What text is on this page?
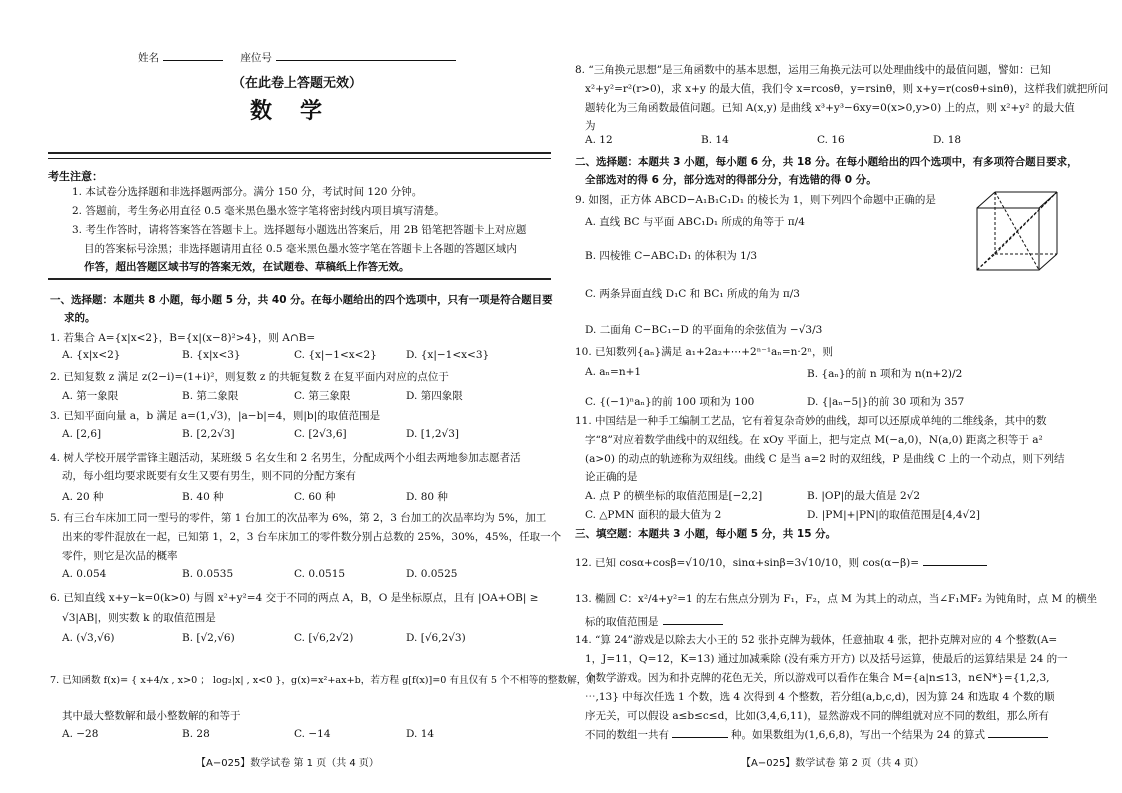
姓名	座位号
（在此卷上答题无效）
数学
考生注意：
1. 本试卷分选择题和非选择题两部分。满分 150 分，考试时间 120 分钟。
2. 答题前，考生务必用直径 0.5 毫米黑色墨水签字笔将密封线内项目填写清楚。
3. 考生作答时，请将答案答在答题卡上。选择题每小题选出答案后，用 2B 铅笔把答题卡上对应题
目的答案标号涂黑；非选择题请用直径 0.5 毫米黑色墨水签字笔在答题卡上各题的答题区域内
作答，超出答题区域书写的答案无效，在试题卷、草稿纸上作答无效。
一、选择题：本题共 8 小题，每小题 5 分，共 40 分。在每小题给出的四个选项中，只有一项是符合题目要
求的。
1. 若集合 A={x|x<2}，B={x|(x−8)²>4}，则 A∩B=
A. {x|x<2}	B. {x|x<3}	C. {x|−1<x<2}	D. {x|−1<x<3}
2. 已知复数 z 满足 z(2−i)=(1+i)²，则复数 z 的共轭复数 z̄ 在复平面内对应的点位于
A. 第一象限	B. 第二象限	C. 第三象限	D. 第四象限
3. 已知平面向量 a，b 满足 a=(1,√3)，|a−b|=4，则|b|的取值范围是
A. [2,6]	B. [2,2√3]	C. [2√3,6]	D. [1,2√3]
4. 树人学校开展学雷锋主题活动，某班级 5 名女生和 2 名男生，分配成两个小组去两地参加志愿者活
动，每小组均要求既要有女生又要有男生，则不同的分配方案有
A. 20 种	B. 40 种	C. 60 种	D. 80 种
5. 有三台车床加工同一型号的零件，第 1 台加工的次品率为 6%，第 2，3 台加工的次品率均为 5%，加工
出来的零件混放在一起，已知第 1，2，3 台车床加工的零件数分别占总数的 25%，30%，45%，任取一个
零件，则它是次品的概率
A. 0.054	B. 0.0535	C. 0.0515	D. 0.0525
6. 已知直线 x+y−k=0(k>0) 与圆 x²+y²=4 交于不同的两点 A，B，O 是坐标原点，且有 |OA+OB| ≥
√3|AB|，则实数 k 的取值范围是
A. (√3,√6)	B. [√2,√6)	C. [√6,2√2)	D. [√6,2√3)
7. 已知函数 f(x)= { x+4/x , x>0 ； log₂|x| , x<0 }，g(x)=x²+ax+b，若方程 g[f(x)]=0 有且仅有 5 个不相等的整数解，则
其中最大整数解和最小整数解的和等于
A. −28	B. 28	C. −14	D. 14
【A−025】数学试卷 第 1 页（共 4 页）
8. “三角换元思想”是三角函数中的基本思想，运用三角换元法可以处理曲线中的最值问题，譬如：已知
x²+y²=r²(r>0)，求 x+y 的最大值，我们令 x=rcosθ，y=rsinθ，则 x+y=r(cosθ+sinθ)，这样我们就把所问
题转化为三角函数最值问题。已知 A(x,y) 是曲线 x³+y³−6xy=0(x>0,y>0) 上的点，则 x²+y² 的最大值
为
A. 12	B. 14	C. 16	D. 18
二、选择题：本题共 3 小题，每小题 6 分，共 18 分。在每小题给出的四个选项中，有多项符合题目要求，
全部选对的得 6 分，部分选对的得部分分，有选错的得 0 分。
9. 如图，正方体 ABCD−A₁B₁C₁D₁ 的棱长为 1，则下列四个命题中正确的是
A. 直线 BC 与平面 ABC₁D₁ 所成的角等于 π/4
B. 四棱锥 C−ABC₁D₁ 的体积为 1/3
C. 两条异面直线 D₁C 和 BC₁ 所成的角为 π/3
D. 二面角 C−BC₁−D 的平面角的余弦值为 −√3/3
10. 已知数列{aₙ}满足 a₁+2a₂+⋯+2ⁿ⁻¹aₙ=n·2ⁿ，则
A. aₙ=n+1	B. {aₙ}的前 n 项和为 n(n+2)/2
C. {(−1)ⁿaₙ}的前 100 项和为 100	D. {|aₙ−5|}的前 30 项和为 357
11. 中国结是一种手工编制工艺品，它有着复杂奇妙的曲线，却可以还原成单纯的二维线条，其中的数
字“8”对应着数学曲线中的双纽线。在 xOy 平面上，把与定点 M(−a,0)，N(a,0) 距离之积等于 a²
(a>0) 的动点的轨迹称为双纽线。曲线 C 是当 a=2 时的双纽线，P 是曲线 C 上的一个动点，则下列结
论正确的是
A. 点 P 的横坐标的取值范围是[−2,2]	B. |OP|的最大值是 2√2
C. △PMN 面积的最大值为 2	D. |PM|+|PN|的取值范围是[4,4√2]
三、填空题：本题共 3 小题，每小题 5 分，共 15 分。
12. 已知 cosα+cosβ=√10/10，sinα+sinβ=3√10/10，则 cos(α−β)=
13. 椭圆 C：x²/4+y²=1 的左右焦点分别为 F₁，F₂，点 M 为其上的动点，当∠F₁MF₂ 为钝角时，点 M 的横坐
标的取值范围是
14. “算 24”游戏是以除去大小王的 52 张扑克牌为载体，任意抽取 4 张，把扑克牌对应的 4 个整数(A=
1，J=11，Q=12，K=13) 通过加减乘除 (没有乘方开方) 以及括号运算，使最后的运算结果是 24 的一
个数学游戏。因为和扑克牌的花色无关，所以游戏可以看作在集合 M={a|n≤13，n∈N*}={1,2,3,
⋯,13} 中每次任选 1 个数，选 4 次得到 4 个整数，若分组(a,b,c,d)，因为算 24 和选取 4 个数的顺
序无关，可以假设 a≤b≤c≤d，比如(3,4,6,11)，显然游戏不同的牌组就对应不同的数组，那么所有
不同的数组一共有	种。如果数组为(1,6,6,8)，写出一个结果为 24 的算式
【A−025】数学试卷 第 2 页（共 4 页）
